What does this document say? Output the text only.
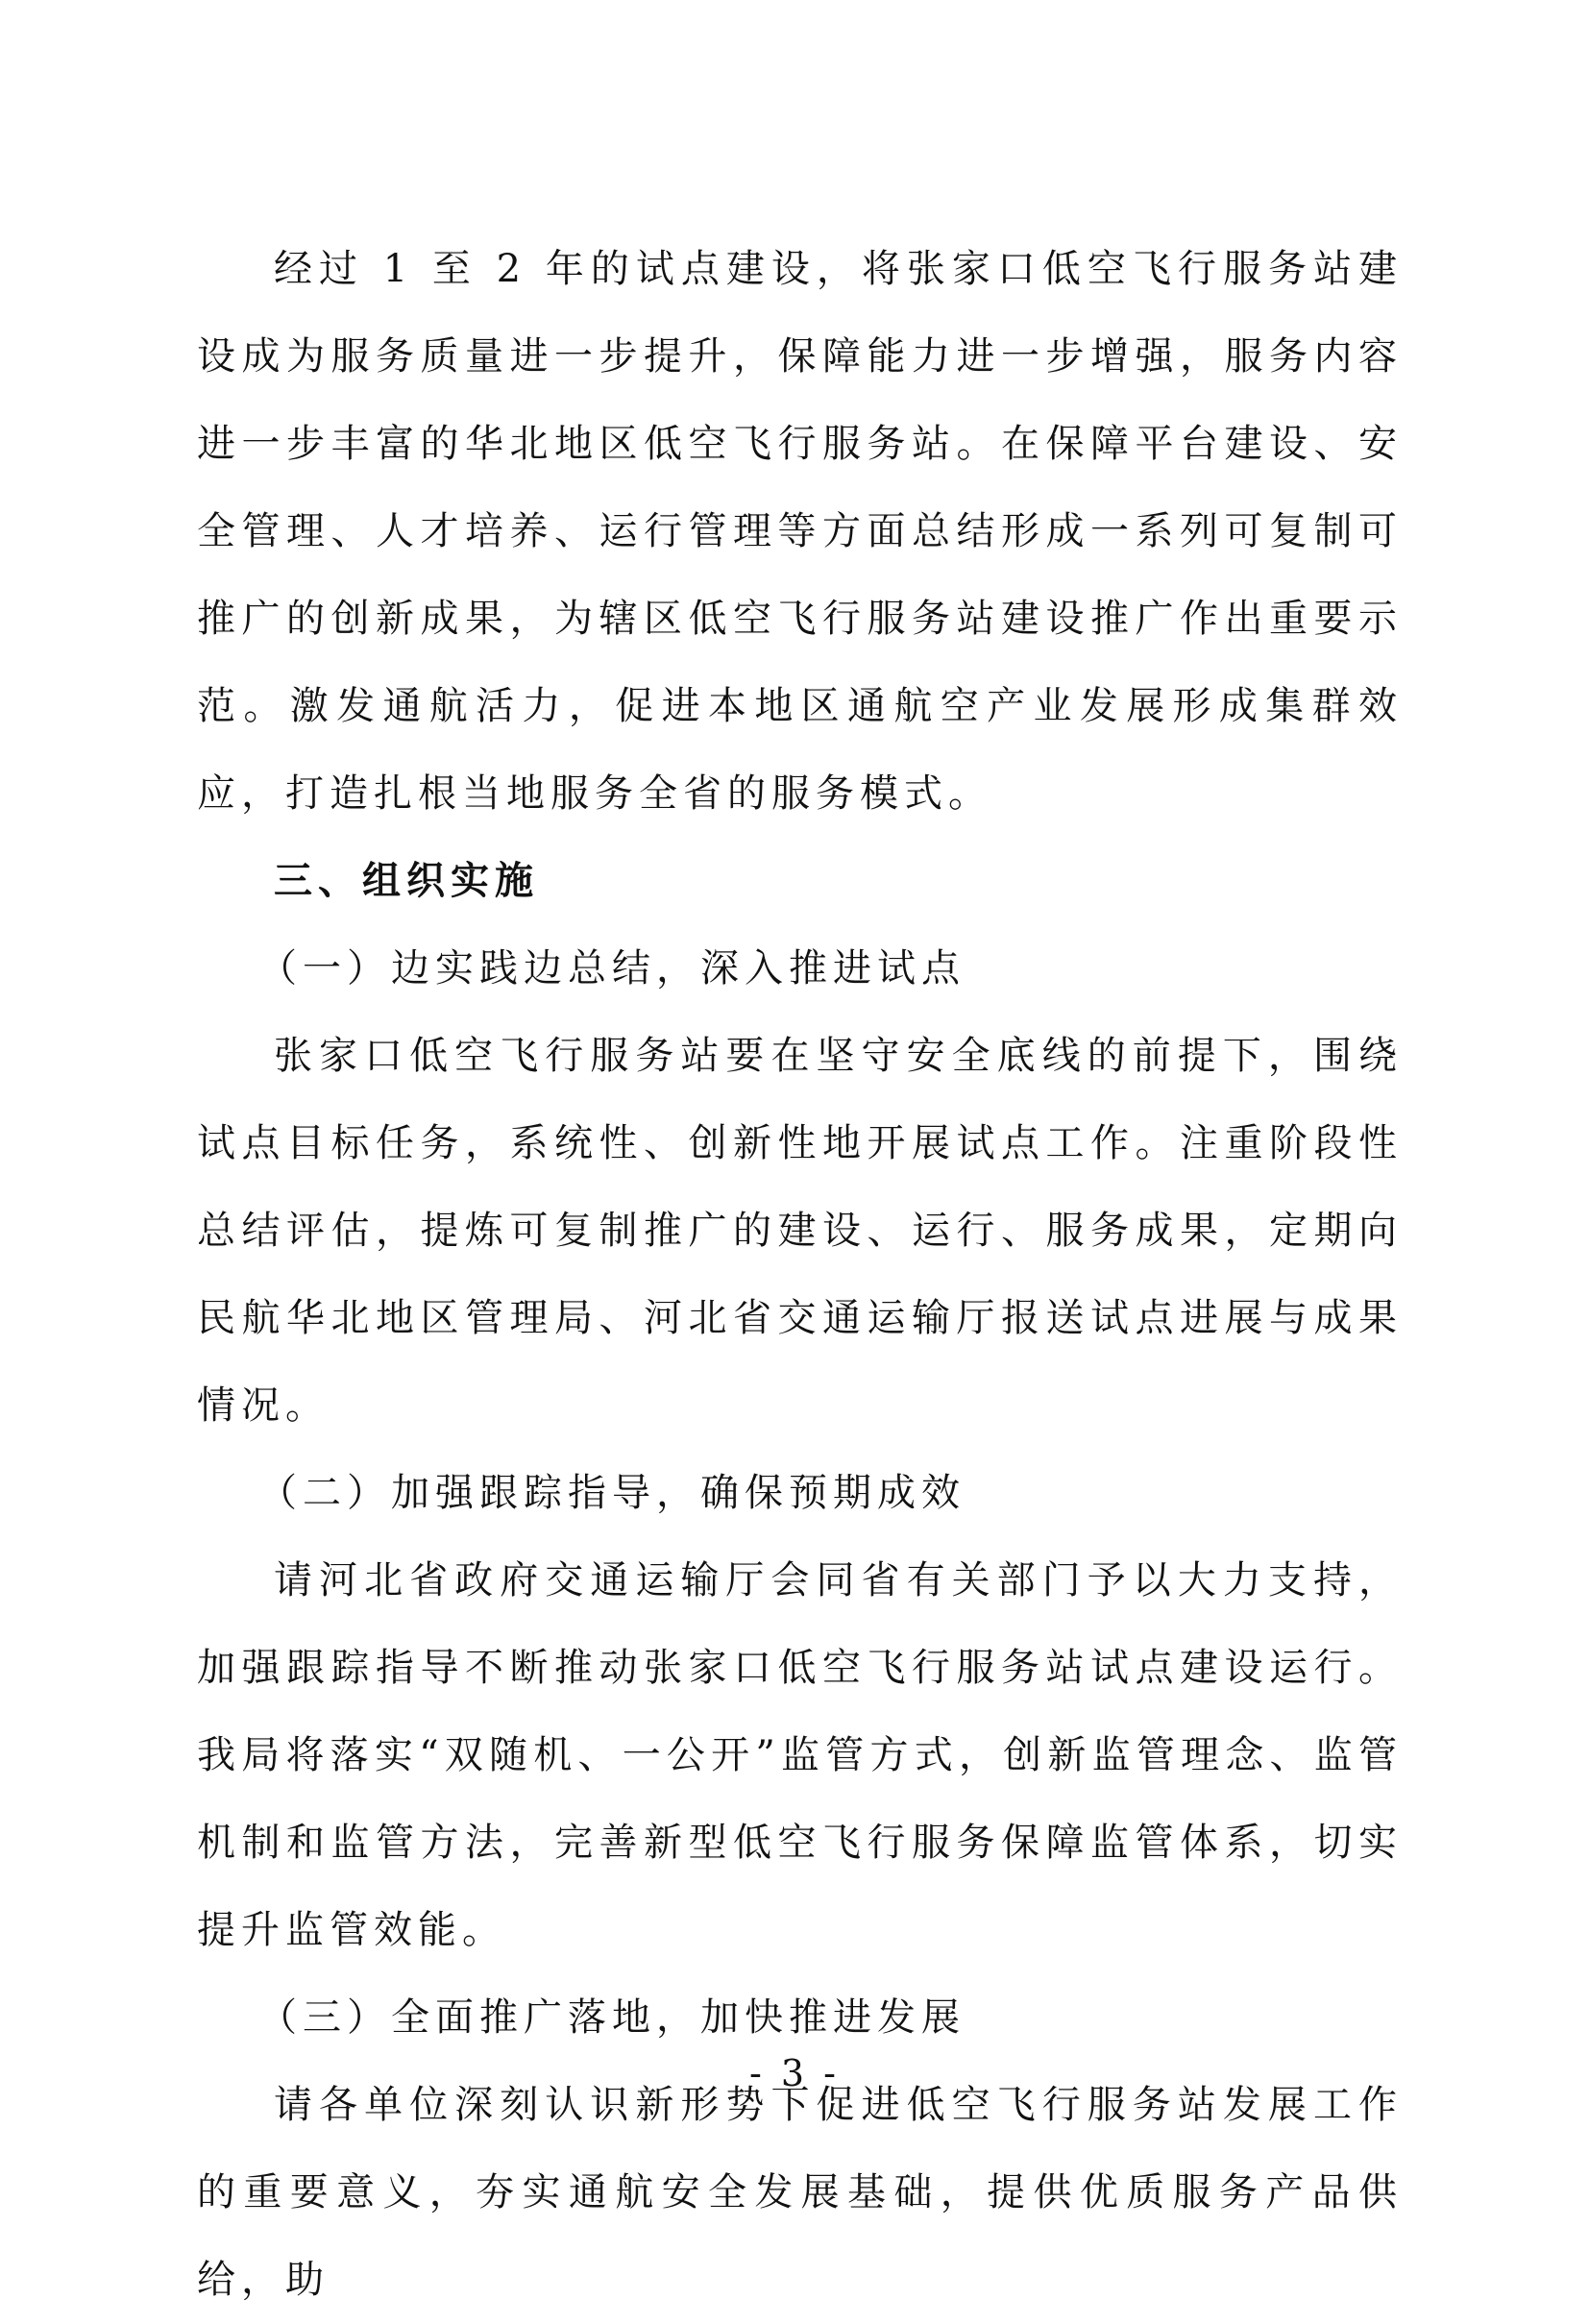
经过 1 至 2 年的试点建设，将张家口低空飞行服务站建设成为服务质量进一步提升，保障能力进一步增强，服务内容进一步丰富的华北地区低空飞行服务站。在保障平台建设、安全管理、人才培养、运行管理等方面总结形成一系列可复制可推广的创新成果，为辖区低空飞行服务站建设推广作出重要示范。激发通航活力，促进本地区通航空产业发展形成集群效应，打造扎根当地服务全省的服务模式。

三、组织实施

（一）边实践边总结，深入推进试点

张家口低空飞行服务站要在坚守安全底线的前提下，围绕试点目标任务，系统性、创新性地开展试点工作。注重阶段性总结评估，提炼可复制推广的建设、运行、服务成果，定期向民航华北地区管理局、河北省交通运输厅报送试点进展与成果情况。

（二）加强跟踪指导，确保预期成效

请河北省政府交通运输厅会同省有关部门予以大力支持，加强跟踪指导不断推动张家口低空飞行服务站试点建设运行。我局将落实“双随机、一公开”监管方式，创新监管理念、监管机制和监管方法，完善新型低空飞行服务保障监管体系，切实提升监管效能。

（三）全面推广落地，加快推进发展

请各单位深刻认识新形势下促进低空飞行服务站发展工作的重要意义，夯实通航安全发展基础，提供优质服务产品供给，助

- 3 -
